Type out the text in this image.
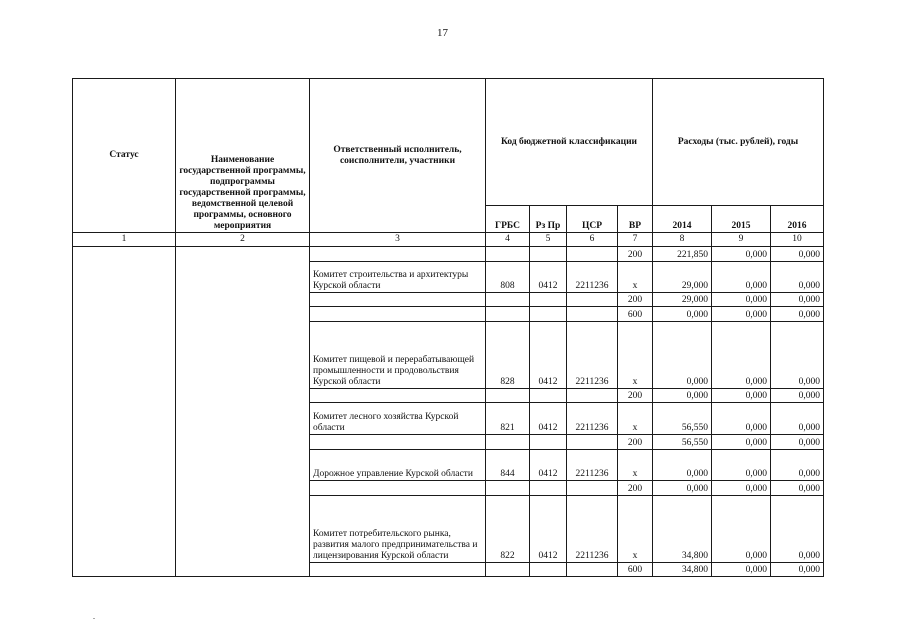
17
Статус	Наименование государственной программы, подпрограммы государственной программы, ведомственной целевой программы, основного мероприятия	Ответственный исполнитель, соисполнители, участники	Код бюджетной классификации				Расходы (тыс. рублей), годы		
			ГРБС	Рз Пр	ЦСР	ВР	2014	2015	2016
1	2	3	4	5	6	7	8	9	10
						200	221,850	0,000	0,000
		Комитет строительства и архитектуры Курской области	808	0412	2211236	х	29,000	0,000	0,000
						200	29,000	0,000	0,000
						600	0,000	0,000	0,000
		Комитет пищевой и перерабатывающей промышленности и продовольствия Курской области	828	0412	2211236	х	0,000	0,000	0,000
						200	0,000	0,000	0,000
		Комитет лесного хозяйства Курской области	821	0412	2211236	х	56,550	0,000	0,000
						200	56,550	0,000	0,000
		Дорожное управление Курской области	844	0412	2211236	х	0,000	0,000	0,000
						200	0,000	0,000	0,000
		Комитет потребительского рынка, развития малого предпринимательства и лицензирования Курской области	822	0412	2211236	х	34,800	0,000	0,000
						600	34,800	0,000	0,000
.
